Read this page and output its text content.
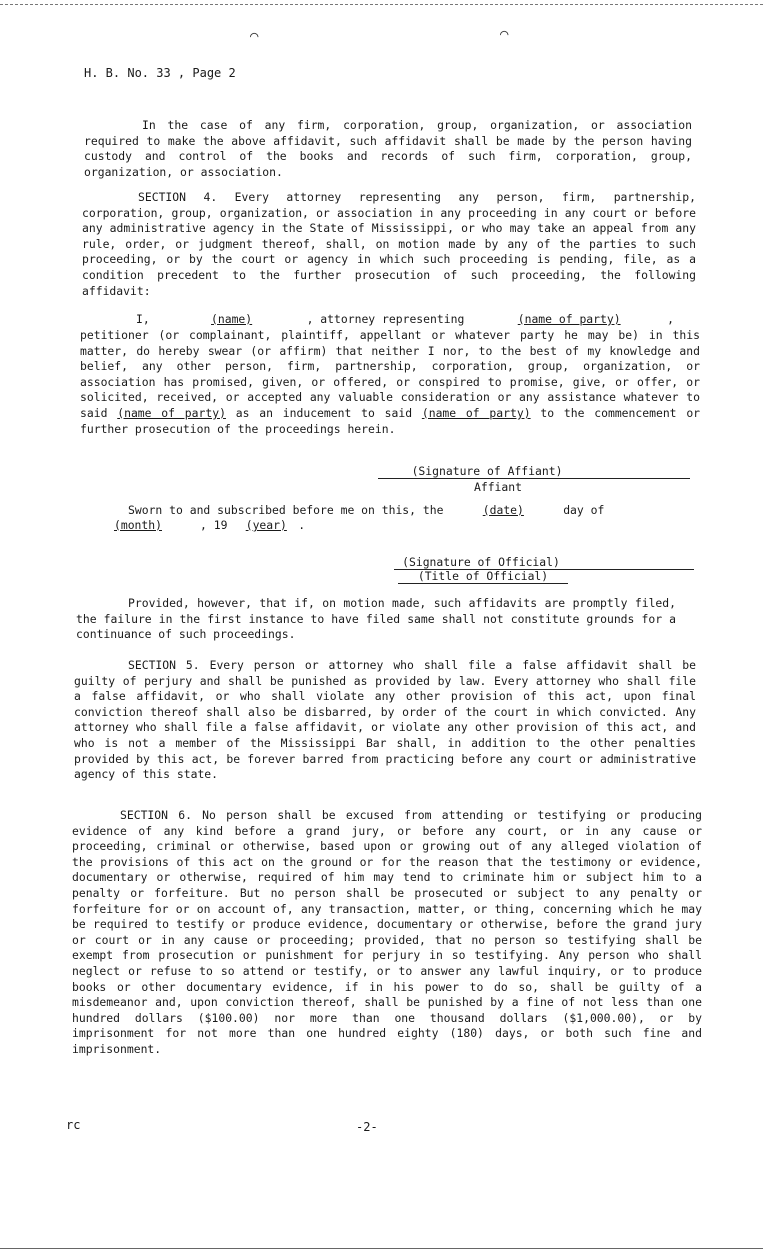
⌒	⌒
H. B. No. 33 , Page 2

In the case of any firm, corporation, group, organization, or association required to make the above affidavit, such affidavit shall be made by the person having custody and control of the books and records of such firm, corporation, group, organization, or association.

SECTION 4. Every attorney representing any person, firm, partnership, corporation, group, organization, or association in any proceeding in any court or before any administrative agency in the State of Mississippi, or who may take an appeal from any rule, order, or judgment thereof, shall, on motion made by any of the parties to such proceeding, or by the court or agency in which such proceeding is pending, file, as a condition precedent to the further prosecution of such proceeding, the following affidavit:

I,	(name)	, attorney representing	(name of party)	,

petitioner (or complainant, plaintiff, appellant or whatever party he may be) in this matter, do hereby swear (or affirm) that neither I nor, to the best of my knowledge and belief, any other person, firm, partnership, corporation, group, organization, or association has promised, given, or offered, or conspired to promise, give, or offer, or solicited, received, or accepted any valuable consideration or any assistance whatever to said (name of party) as an inducement to said (name of party) to the commencement or further prosecution of the proceedings herein.

(Signature of Affiant)
Affiant
Sworn to and subscribed before me on this, the	(date)	day of
(month)	, 19 (year) .
(Signature of Official)
(Title of Official)

Provided, however, that if, on motion made, such affidavits are promptly filed, the failure in the first instance to have filed same shall not constitute grounds for a continuance of such proceedings.

SECTION 5. Every person or attorney who shall file a false affidavit shall be guilty of perjury and shall be punished as provided by law. Every attorney who shall file a false affidavit, or who shall violate any other provision of this act, upon final conviction thereof shall also be disbarred, by order of the court in which convicted. Any attorney who shall file a false affidavit, or violate any other provision of this act, and who is not a member of the Mississippi Bar shall, in addition to the other penalties provided by this act, be forever barred from practicing before any court or administrative agency of this state.

SECTION 6. No person shall be excused from attending or testifying or producing evidence of any kind before a grand jury, or before any court, or in any cause or proceeding, criminal or otherwise, based upon or growing out of any alleged violation of the provisions of this act on the ground or for the reason that the testimony or evidence, documentary or otherwise, required of him may tend to criminate him or subject him to a penalty or forfeiture. But no person shall be prosecuted or subject to any penalty or forfeiture for or on account of, any transaction, matter, or thing, concerning which he may be required to testify or produce evidence, documentary or otherwise, before the grand jury or court or in any cause or proceeding; provided, that no person so testifying shall be exempt from prosecution or punishment for perjury in so testifying. Any person who shall neglect or refuse to so attend or testify, or to answer any lawful inquiry, or to produce books or other documentary evidence, if in his power to do so, shall be guilty of a misdemeanor and, upon conviction thereof, shall be punished by a fine of not less than one hundred dollars ($100.00) nor more than one thousand dollars ($1,000.00), or by imprisonment for not more than one hundred eighty (180) days, or both such fine and imprisonment.

rc	-2-
